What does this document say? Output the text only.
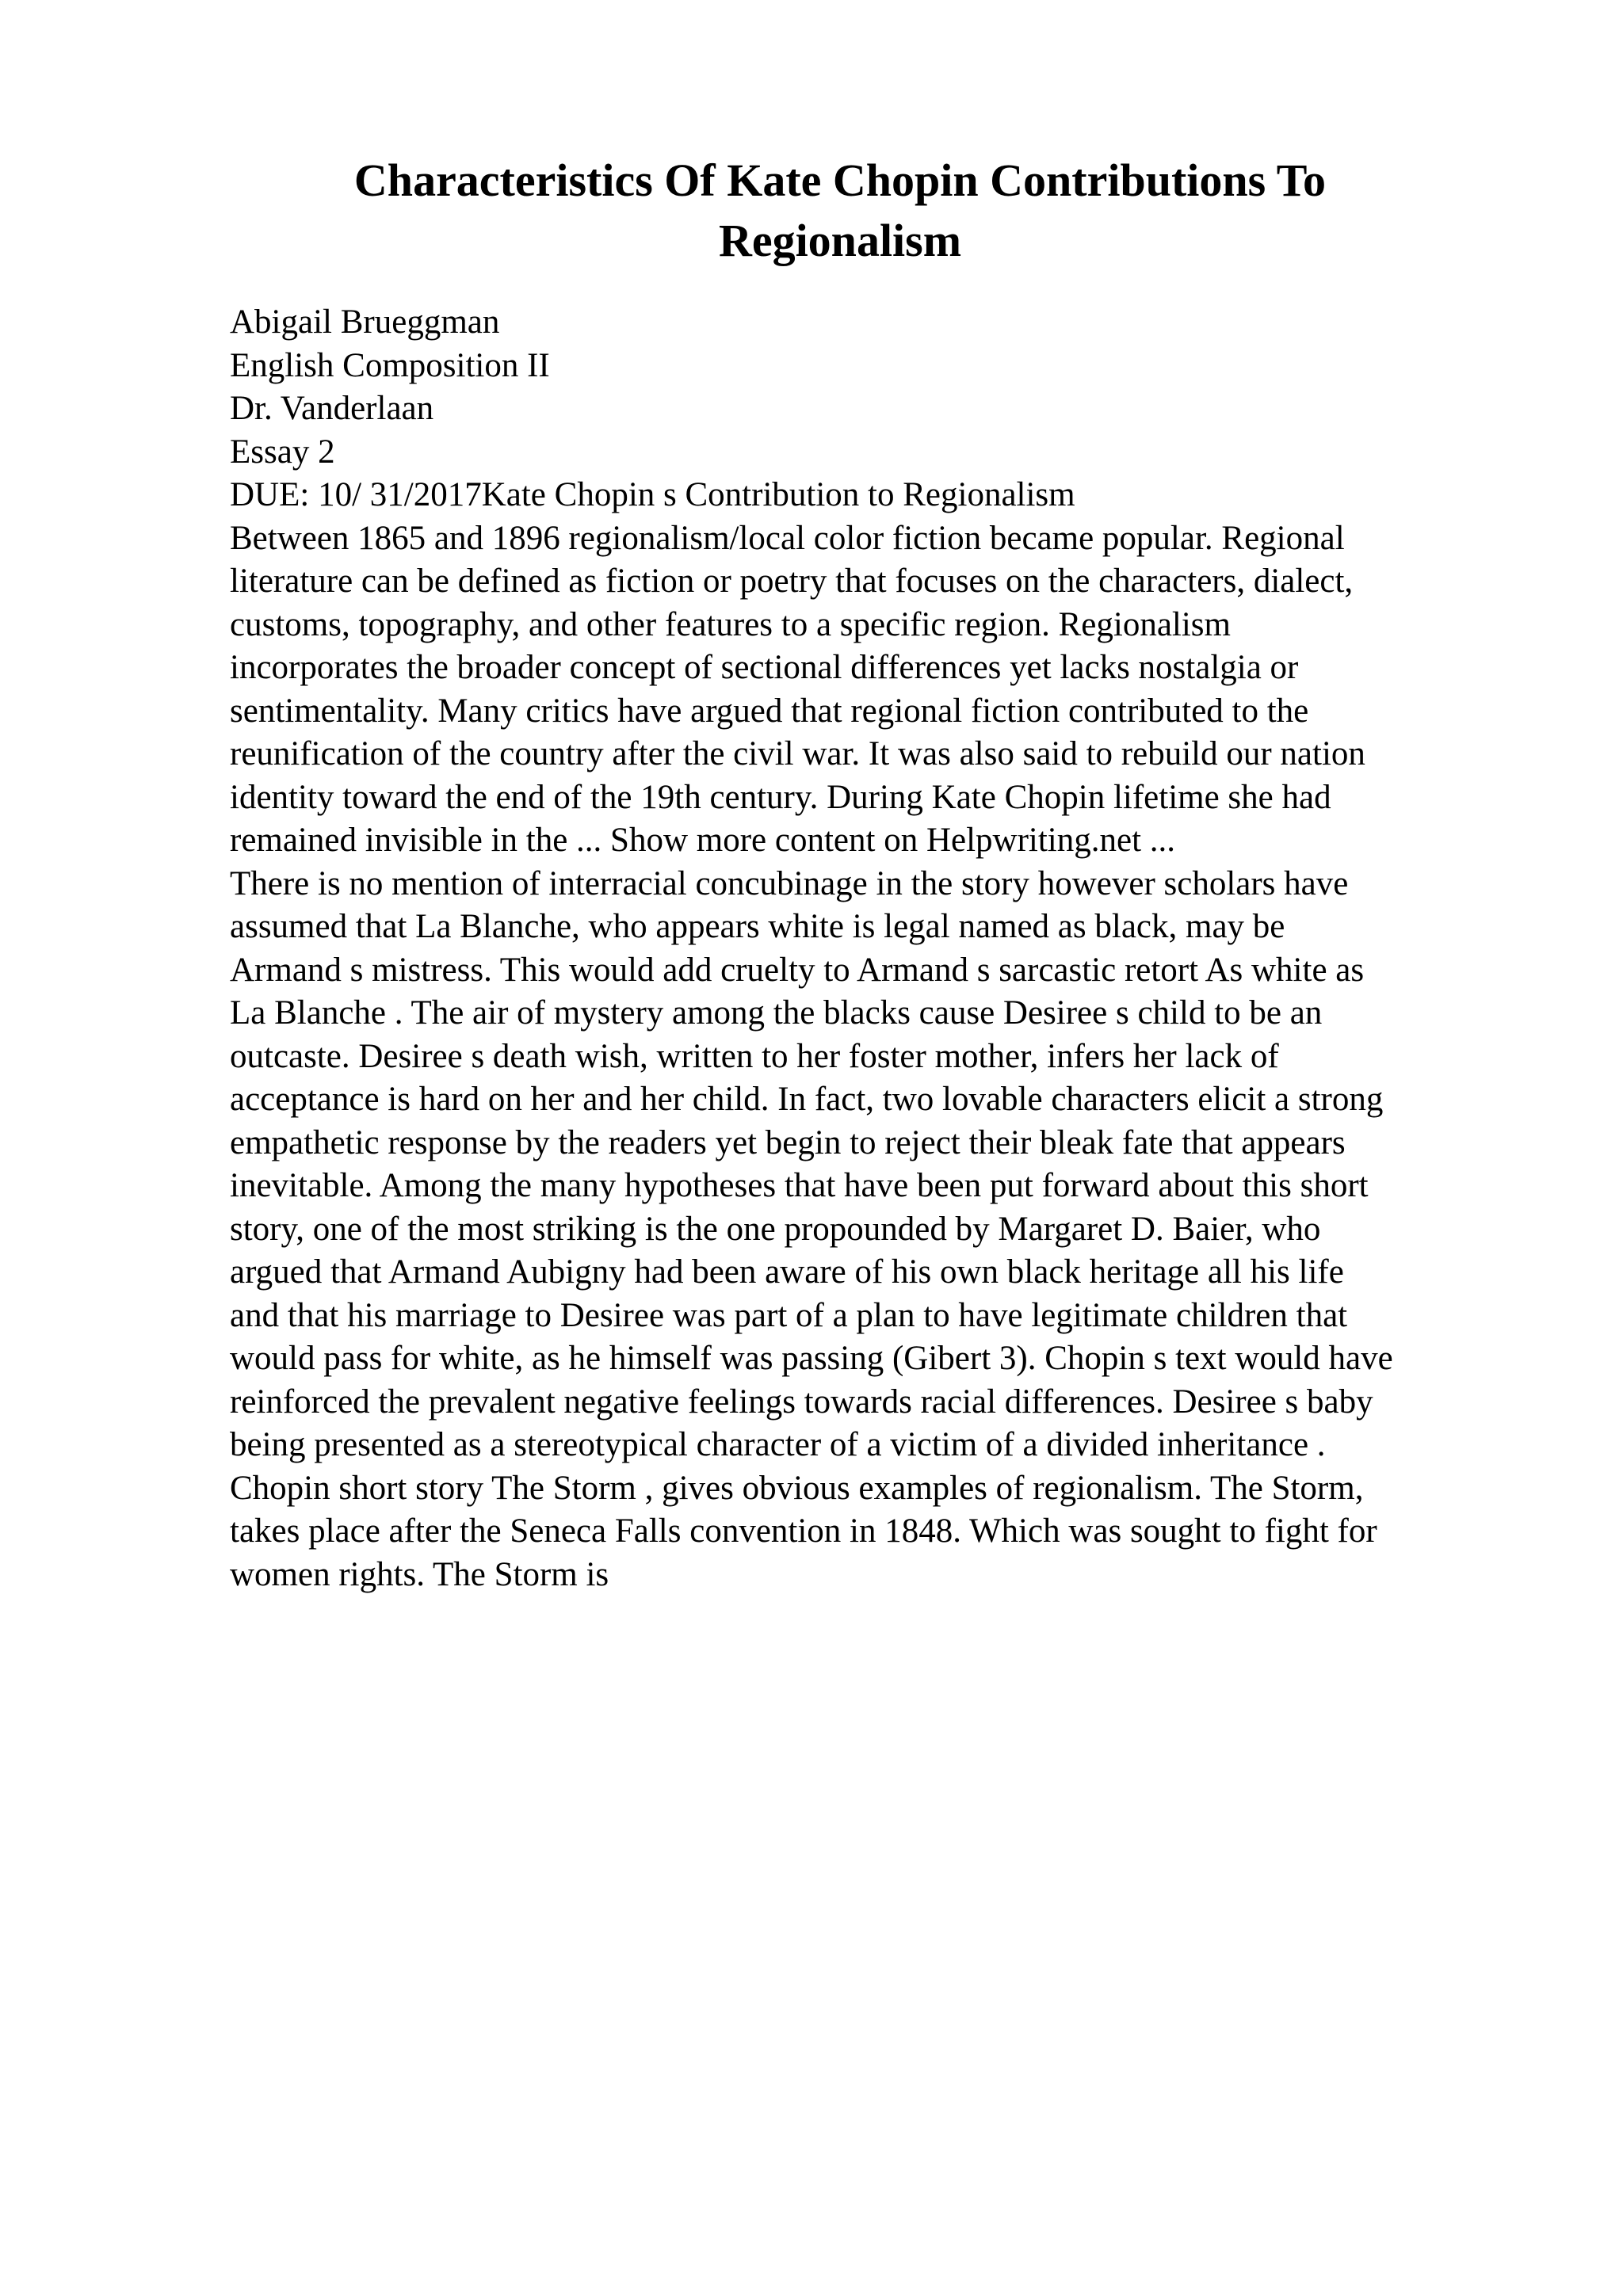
Characteristics Of Kate Chopin Contributions To
Regionalism

Abigail Brueggman

English Composition II

Dr. Vanderlaan

Essay 2

DUE: 10/ 31/2017Kate Chopin s Contribution to Regionalism

Between 1865 and 1896 regionalism/local color fiction became popular. Regional

literature can be defined as fiction or poetry that focuses on the characters, dialect,

customs, topography, and other features to a specific region. Regionalism

incorporates the broader concept of sectional differences yet lacks nostalgia or

sentimentality. Many critics have argued that regional fiction contributed to the

reunification of the country after the civil war. It was also said to rebuild our nation

identity toward the end of the 19th century. During Kate Chopin lifetime she had

remained invisible in the ... Show more content on Helpwriting.net ...

There is no mention of interracial concubinage in the story however scholars have

assumed that La Blanche, who appears white is legal named as black, may be

Armand s mistress. This would add cruelty to Armand s sarcastic retort As white as

La Blanche . The air of mystery among the blacks cause Desiree s child to be an

outcaste. Desiree s death wish, written to her foster mother, infers her lack of

acceptance is hard on her and her child. In fact, two lovable characters elicit a strong

empathetic response by the readers yet begin to reject their bleak fate that appears

inevitable. Among the many hypotheses that have been put forward about this short

story, one of the most striking is the one propounded by Margaret D. Baier, who

argued that Armand Aubigny had been aware of his own black heritage all his life

and that his marriage to Desiree was part of a plan to have legitimate children that

would pass for white, as he himself was passing (Gibert 3). Chopin s text would have

reinforced the prevalent negative feelings towards racial differences. Desiree s baby

being presented as a stereotypical character of a victim of a divided inheritance .

Chopin short story The Storm , gives obvious examples of regionalism. The Storm,

takes place after the Seneca Falls convention in 1848. Which was sought to fight for

women rights. The Storm is
